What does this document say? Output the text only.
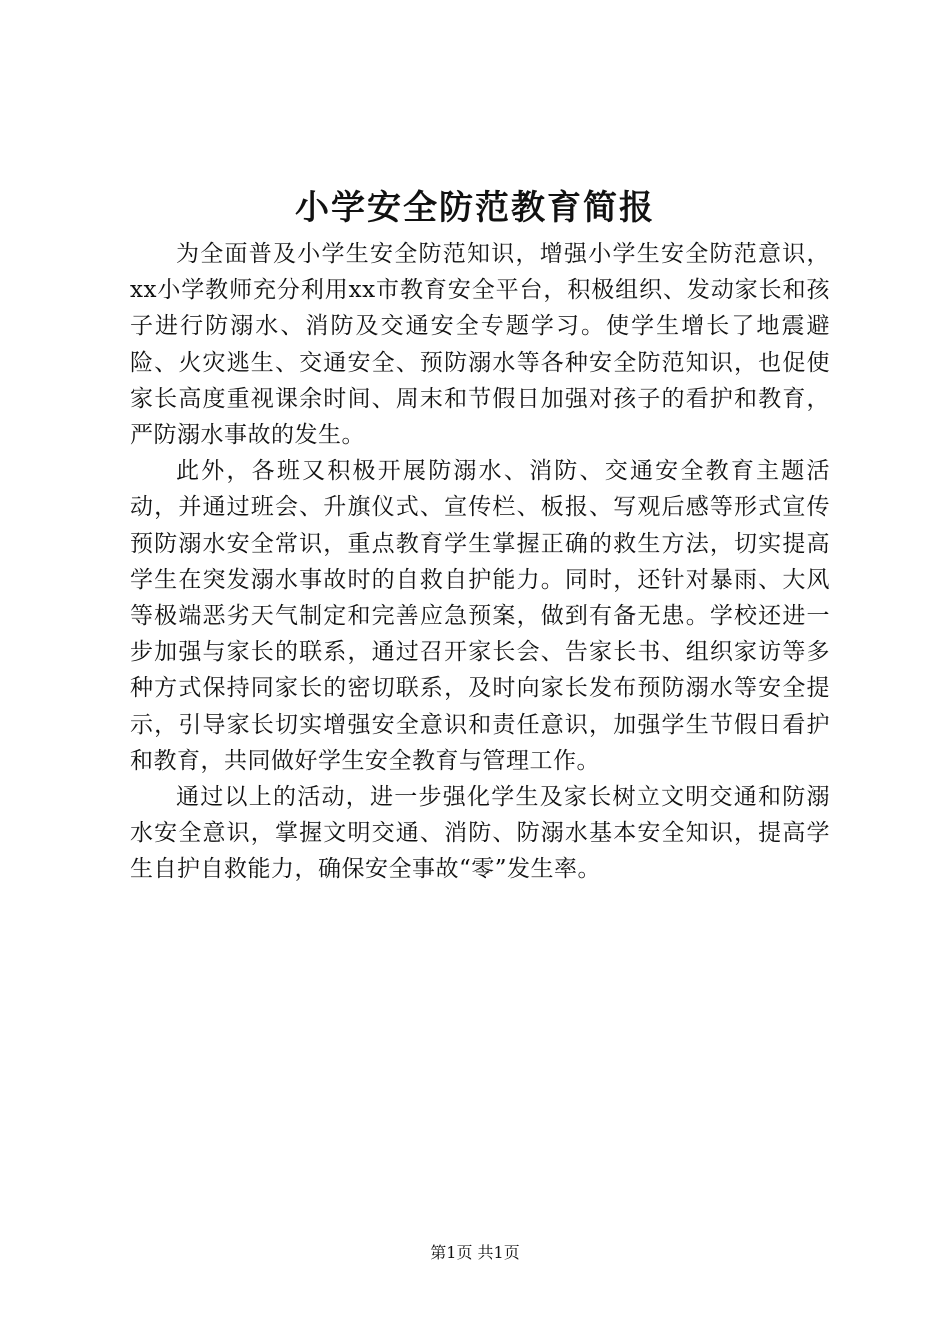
小学安全防范教育简报

为全面普及小学生安全防范知识，增强小学生安全防范意识，xx小学教师充分利用xx市教育安全平台，积极组织、发动家长和孩子进行防溺水、消防及交通安全专题学习。使学生增长了地震避险、火灾逃生、交通安全、预防溺水等各种安全防范知识，也促使家长高度重视课余时间、周末和节假日加强对孩子的看护和教育，严防溺水事故的发生。

此外，各班又积极开展防溺水、消防、交通安全教育主题活动，并通过班会、升旗仪式、宣传栏、板报、写观后感等形式宣传预防溺水安全常识，重点教育学生掌握正确的救生方法，切实提高学生在突发溺水事故时的自救自护能力。同时，还针对暴雨、大风等极端恶劣天气制定和完善应急预案，做到有备无患。学校还进一步加强与家长的联系，通过召开家长会、告家长书、组织家访等多种方式保持同家长的密切联系，及时向家长发布预防溺水等安全提示，引导家长切实增强安全意识和责任意识，加强学生节假日看护和教育，共同做好学生安全教育与管理工作。

通过以上的活动，进一步强化学生及家长树立文明交通和防溺水安全意识，掌握文明交通、消防、防溺水基本安全知识，提高学生自护自救能力，确保安全事故“零”发生率。

第1页 共1页
